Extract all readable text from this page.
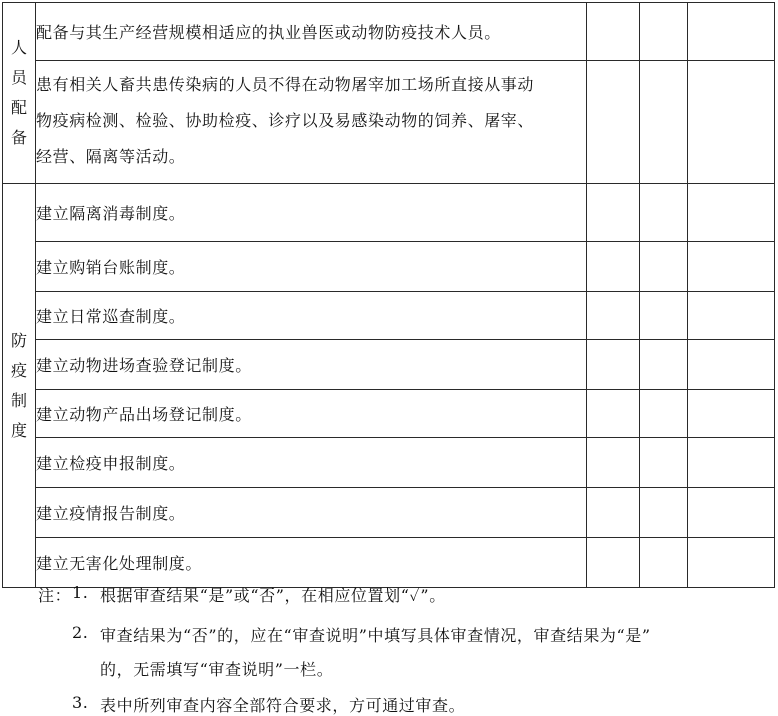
人
员
配
备	配备与其生产经营规模相适应的执业兽医或动物防疫技术人员。			
	患有相关人畜共患传染病的人员不得在动物屠宰加工场所直接从事动
物疫病检测、检验、协助检疫、诊疗以及易感染动物的饲养、屠宰、
经营、隔离等活动。			

防
疫
制
度	建立隔离消毒制度。			
	建立购销台账制度。			
	建立日常巡查制度。			
	建立动物进场查验登记制度。			
	建立动物产品出场登记制度。			
	建立检疫申报制度。			
	建立疫情报告制度。			
	建立无害化处理制度。			
注： 1. 根据审查结果“是”或“否”，在相应位置划“✓”。
2. 审查结果为“否”的，应在“审查说明”中填写具体审查情况，审查结果为“是”
的，无需填写“审查说明”一栏。
3. 表中所列审查内容全部符合要求，方可通过审查。
